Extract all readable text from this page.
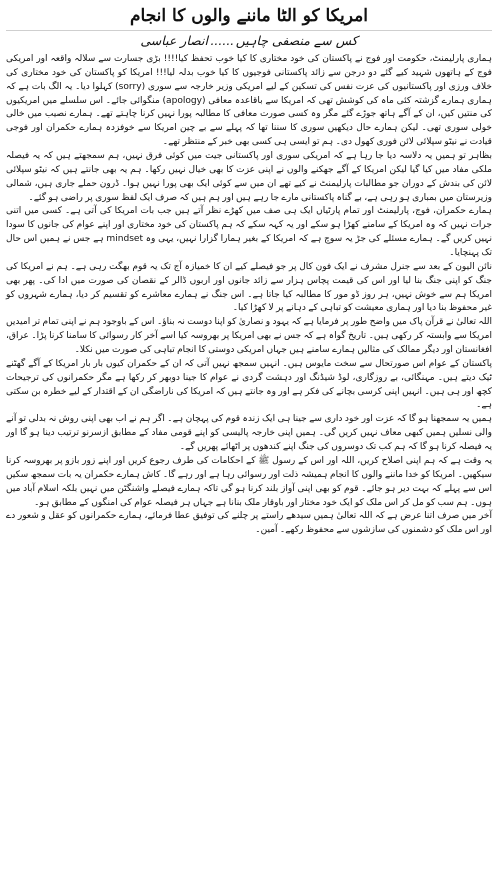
امریکا کو الٹا ماننے والوں کا انجام
کس سے منصفی چاہیں......انصار عباسی

ہماری پارلیمنٹ، حکومت اور فوج نے پاکستان کی خود مختاری کا کیا خوب تحفظ کیا!!!! بڑی جسارت سے سلالہ واقعہ اور امریکی فوج کے ہاتھوں شہید کیے گئے دو درجن سے زائد پاکستانی فوجیوں کا کیا خوب بدلہ لیا!!! امریکا کو پاکستان کی خود مختاری کی خلاف ورزی اور پاکستانیوں کی عزت نفس کی تسکین کے لیے امریکی وزیر خارجہ سے سوری (sorry) کہلوا دیا۔ یہ الگ بات ہے کہ ہماری ہمارے گزشتہ کئی ماہ کی کوشش تھی کہ امریکا سے باقاعدہ معافی (apology) منگوائی جائے۔ اس سلسلے میں امریکیوں کی منتیں کیں، ان کے آگے ہاتھ جوڑے گئے مگر وہ کسی صورت معافی کا مطالبہ پورا نہیں کرنا چاہتے تھے۔ ہمارے نصیب میں خالی خولی سوری تھی۔ لیکن ہمارے حال دیکھیں سوری کا سننا تھا کہ پہلے سے بے چین امریکا سے خوفزدہ ہمارے حکمران اور فوجی قیادت نے نیٹو سپلائی لائن فوری کھول دی۔ ہم تو ایسی ہی کسی بھی خبر کے منتظر تھے۔

بظاہر تو ہمیں یہ دلاسہ دیا جا رہا ہے کہ امریکی سوری اور پاکستانی جیت میں کوئی فرق نہیں، ہم سمجھتے ہیں کہ یہ فیصلہ ملکی مفاد میں کیا گیا لیکن امریکا کے آگے جھکنے والوں نے اپنی عزت کا بھی خیال نہیں رکھا۔ ہم یہ بھی جانتے ہیں کہ نیٹو سپلائی لائن کی بندش کے دوران جو مطالبات پارلیمنٹ نے کیے تھے ان میں سے کوئی ایک بھی پورا نہیں ہوا۔ ڈرون حملے جاری ہیں، شمالی وزیرستان میں بمباری ہو رہی ہے، بے گناہ پاکستانی مارے جا رہے ہیں اور ہم ہیں کہ صرف ایک لفظ سوری پر راضی ہو گئے۔

ہمارے حکمران، فوج، پارلیمنٹ اور تمام پارٹیاں ایک ہی صف میں کھڑے نظر آتے ہیں جب بات امریکا کی آتی ہے۔ کسی میں اتنی جرات نہیں کہ وہ امریکا کے سامنے کھڑا ہو سکے اور یہ کہہ سکے کہ ہم پاکستان کی خود مختاری اور اپنے عوام کی جانوں کا سودا نہیں کریں گے۔ ہمارے مسئلے کی جڑ یہ سوچ ہے کہ امریکا کے بغیر ہمارا گزارا نہیں، یہی وہ mindset ہے جس نے ہمیں اس حال تک پہنچایا۔

نائن الیون کے بعد سے جنرل مشرف نے ایک فون کال پر جو فیصلے کیے ان کا خمیازہ آج تک یہ قوم بھگت رہی ہے۔ ہم نے امریکا کی جنگ کو اپنی جنگ بنا لیا اور اس کی قیمت پچاس ہزار سے زائد جانوں اور اربوں ڈالر کے نقصان کی صورت میں ادا کی۔ پھر بھی امریکا ہم سے خوش نہیں، ہر روز ڈو مور کا مطالبہ کیا جاتا ہے۔ اس جنگ نے ہمارے معاشرے کو تقسیم کر دیا، ہمارے شہروں کو غیر محفوظ بنا دیا اور ہماری معیشت کو تباہی کے دہانے پر لا کھڑا کیا۔

اللہ تعالیٰ نے قرآن پاک میں واضح طور پر فرمایا ہے کہ یہود و نصاریٰ کو اپنا دوست نہ بناؤ۔ اس کے باوجود ہم نے اپنی تمام تر امیدیں امریکا سے وابستہ کر رکھی ہیں۔ تاریخ گواہ ہے کہ جس نے بھی امریکا پر بھروسہ کیا اسے آخر کار رسوائی کا سامنا کرنا پڑا۔ عراق، افغانستان اور دیگر ممالک کی مثالیں ہمارے سامنے ہیں جہاں امریکی دوستی کا انجام تباہی کی صورت میں نکلا۔

پاکستان کے عوام اس صورتحال سے سخت مایوس ہیں۔ انہیں سمجھ نہیں آتی کہ ان کے حکمران کیوں بار بار امریکا کے آگے گھٹنے ٹیک دیتے ہیں۔ مہنگائی، بے روزگاری، لوڈ شیڈنگ اور دہشت گردی نے عوام کا جینا دوبھر کر رکھا ہے مگر حکمرانوں کی ترجیحات کچھ اور ہی ہیں۔ انہیں اپنی کرسی بچانے کی فکر ہے اور وہ جانتے ہیں کہ امریکا کی ناراضگی ان کے اقتدار کے لیے خطرہ بن سکتی ہے۔

ہمیں یہ سمجھنا ہو گا کہ عزت اور خود داری سے جینا ہی ایک زندہ قوم کی پہچان ہے۔ اگر ہم نے اب بھی اپنی روش نہ بدلی تو آنے والی نسلیں ہمیں کبھی معاف نہیں کریں گی۔ ہمیں اپنی خارجہ پالیسی کو اپنے قومی مفاد کے مطابق ازسرنو ترتیب دینا ہو گا اور یہ فیصلہ کرنا ہو گا کہ ہم کب تک دوسروں کی جنگ اپنے کندھوں پر اٹھائے پھریں گے۔

یہ وقت ہے کہ ہم اپنی اصلاح کریں، اللہ اور اس کے رسول ﷺ کے احکامات کی طرف رجوع کریں اور اپنے زور بازو پر بھروسہ کرنا سیکھیں۔ امریکا کو خدا ماننے والوں کا انجام ہمیشہ ذلت اور رسوائی رہا ہے اور رہے گا۔ کاش ہمارے حکمران یہ بات سمجھ سکیں اس سے پہلے کہ بہت دیر ہو جائے۔ قوم کو بھی اپنی آواز بلند کرنا ہو گی تاکہ ہمارے فیصلے واشنگٹن میں نہیں بلکہ اسلام آباد میں ہوں۔ ہم سب کو مل کر اس ملک کو ایک خود مختار اور باوقار ملک بنانا ہے جہاں ہر فیصلہ عوام کی امنگوں کے مطابق ہو۔

آخر میں صرف اتنا عرض ہے کہ اللہ تعالیٰ ہمیں سیدھے راستے پر چلنے کی توفیق عطا فرمائے، ہمارے حکمرانوں کو عقل و شعور دے اور اس ملک کو دشمنوں کی سازشوں سے محفوظ رکھے۔ آمین۔
